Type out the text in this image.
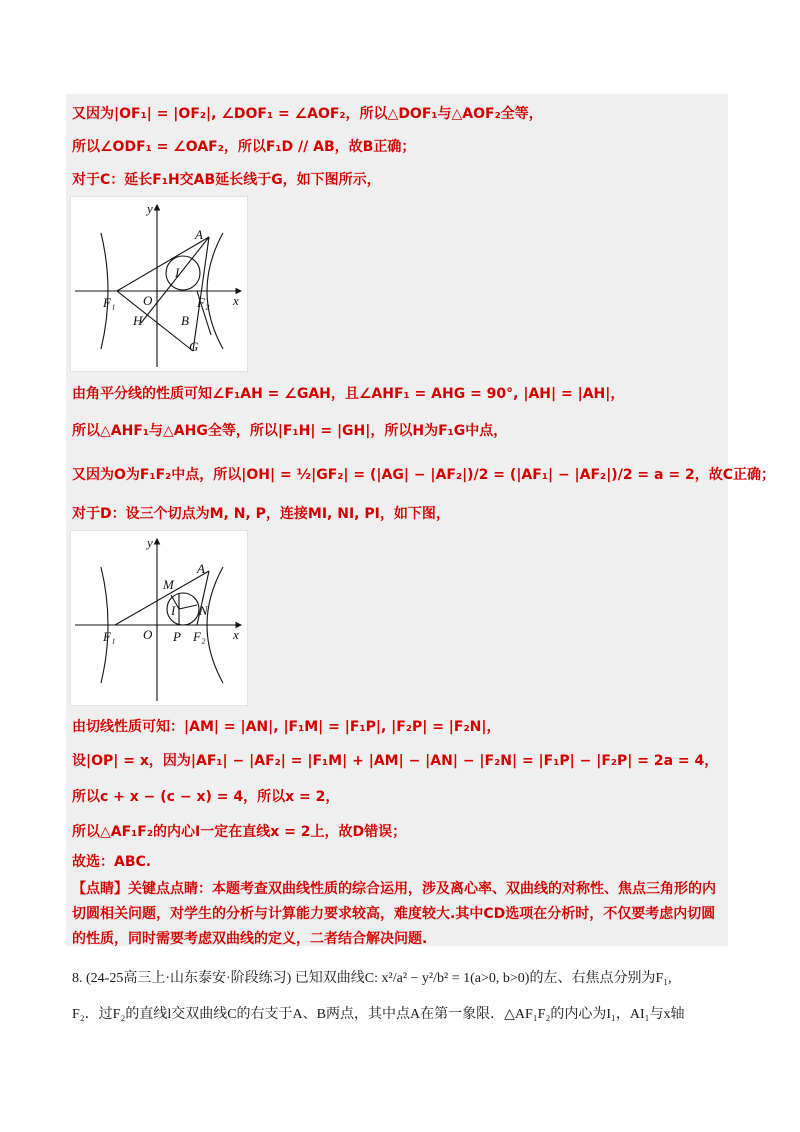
又因为|OF₁| = |OF₂|, ∠DOF₁ = ∠AOF₂，所以△DOF₁与△AOF₂全等，
所以∠ODF₁ = ∠OAF₂，所以F₁D // AB，故B正确；
对于C：延长F₁H交AB延长线于G，如下图所示，
y
x
A
I
F₁ O	F₂
H	B
G
由角平分线的性质可知∠F₁AH = ∠GAH，且∠AHF₁ = AHG = 90°, |AH| = |AH|，
所以△AHF₁与△AHG全等，所以|F₁H| = |GH|，所以H为F₁G中点，
又因为O为F₁F₂中点，所以|OH| = ½|GF₂| = (|AG| − |AF₂|)/2 = (|AF₁| − |AF₂|)/2 = a = 2，故C正确；
对于D：设三个切点为M, N, P，连接MI, NI, PI，如下图，
y
x
A
M
I N
F₁ O P F₂
由切线性质可知：|AM| = |AN|, |F₁M| = |F₁P|, |F₂P| = |F₂N|，
设|OP| = x，因为|AF₁| − |AF₂| = |F₁M| + |AM| − |AN| − |F₂N| = |F₁P| − |F₂P| = 2a = 4，
所以c + x − (c − x) = 4，所以x = 2，
所以△AF₁F₂的内心I一定在直线x = 2上，故D错误；
故选：ABC.
【点睛】关键点点睛：本题考查双曲线性质的综合运用，涉及离心率、双曲线的对称性、焦点三角形的内
切圆相关问题，对学生的分析与计算能力要求较高，难度较大.其中CD选项在分析时，不仅要考虑内切圆
的性质，同时需要考虑双曲线的定义，二者结合解决问题.
8. (24-25高三上·山东泰安·阶段练习) 已知双曲线C: x²/a² − y²/b² = 1(a>0, b>0)的左、右焦点分别为F₁,
F₂．过F₂的直线l交双曲线C的右支于A、B两点，其中点A在第一象限．△AF₁F₂的内心为I₁，AI₁与x轴
